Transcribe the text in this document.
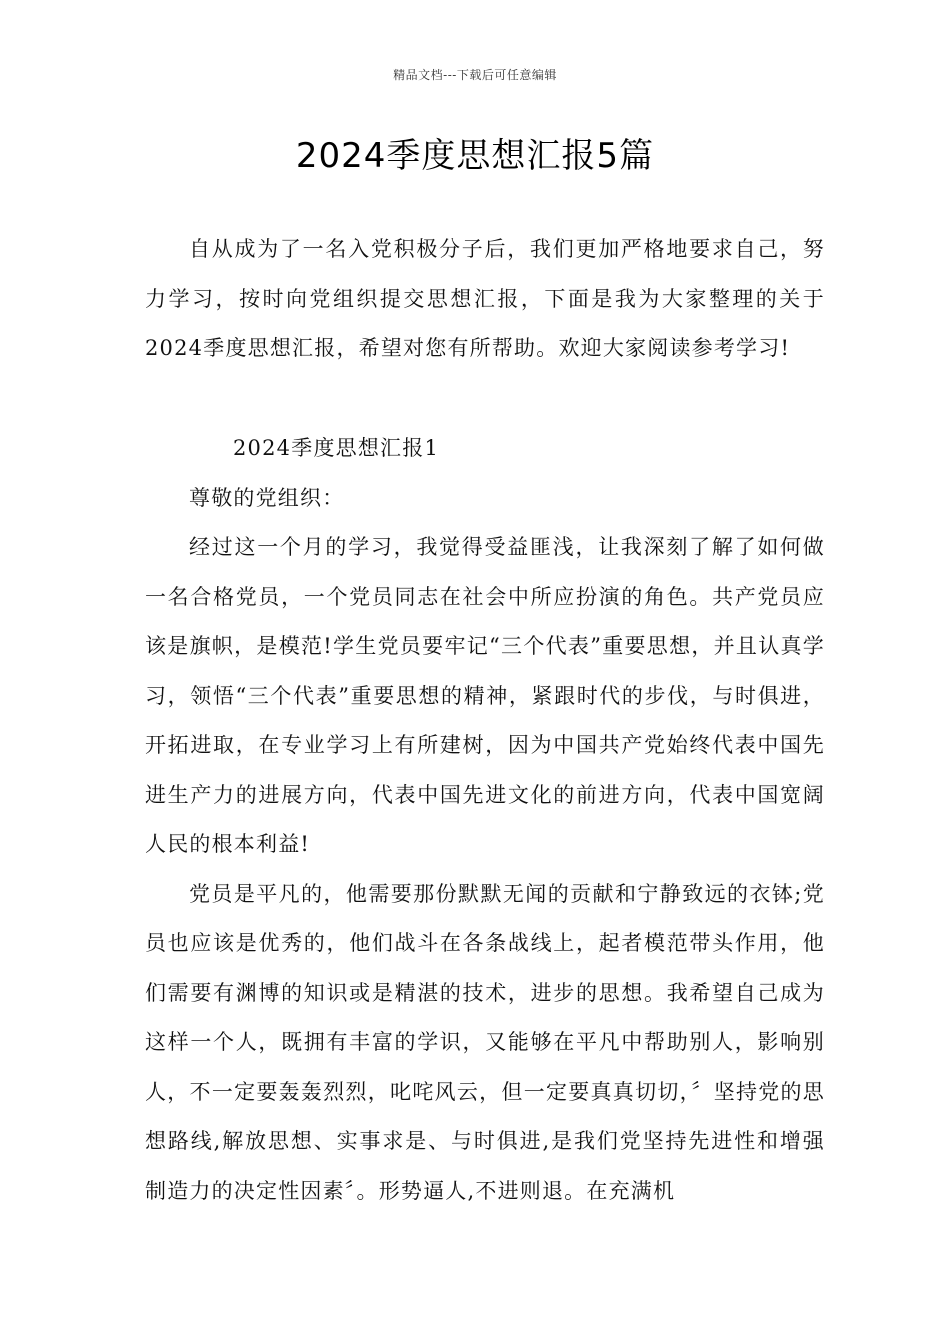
精品文档---下载后可任意编辑
2024季度思想汇报5篇

自从成为了一名入党积极分子后，我们更加严格地要求自己，努力学习，按时向党组织提交思想汇报，下面是我为大家整理的关于2024季度思想汇报，希望对您有所帮助。欢迎大家阅读参考学习!

2024季度思想汇报1

尊敬的党组织：

经过这一个月的学习，我觉得受益匪浅，让我深刻了解了如何做一名合格党员，一个党员同志在社会中所应扮演的角色。共产党员应该是旗帜，是模范!学生党员要牢记“三个代表”重要思想，并且认真学习，领悟“三个代表”重要思想的精神，紧跟时代的步伐，与时俱进，开拓进取，在专业学习上有所建树，因为中国共产党始终代表中国先进生产力的进展方向，代表中国先进文化的前进方向，代表中国宽阔人民的根本利益!

党员是平凡的，他需要那份默默无闻的贡献和宁静致远的衣钵;党员也应该是优秀的，他们战斗在各条战线上，起者模范带头作用，他们需要有渊博的知识或是精湛的技术，进步的思想。我希望自己成为这样一个人，既拥有丰富的学识，又能够在平凡中帮助别人，影响别人，不一定要轰轰烈烈，叱咤风云，但一定要真真切切，〞坚持党的思想路线,解放思想、实事求是、与时俱进,是我们党坚持先进性和增强制造力的决定性因素〞。形势逼人,不进则退。在充满机
